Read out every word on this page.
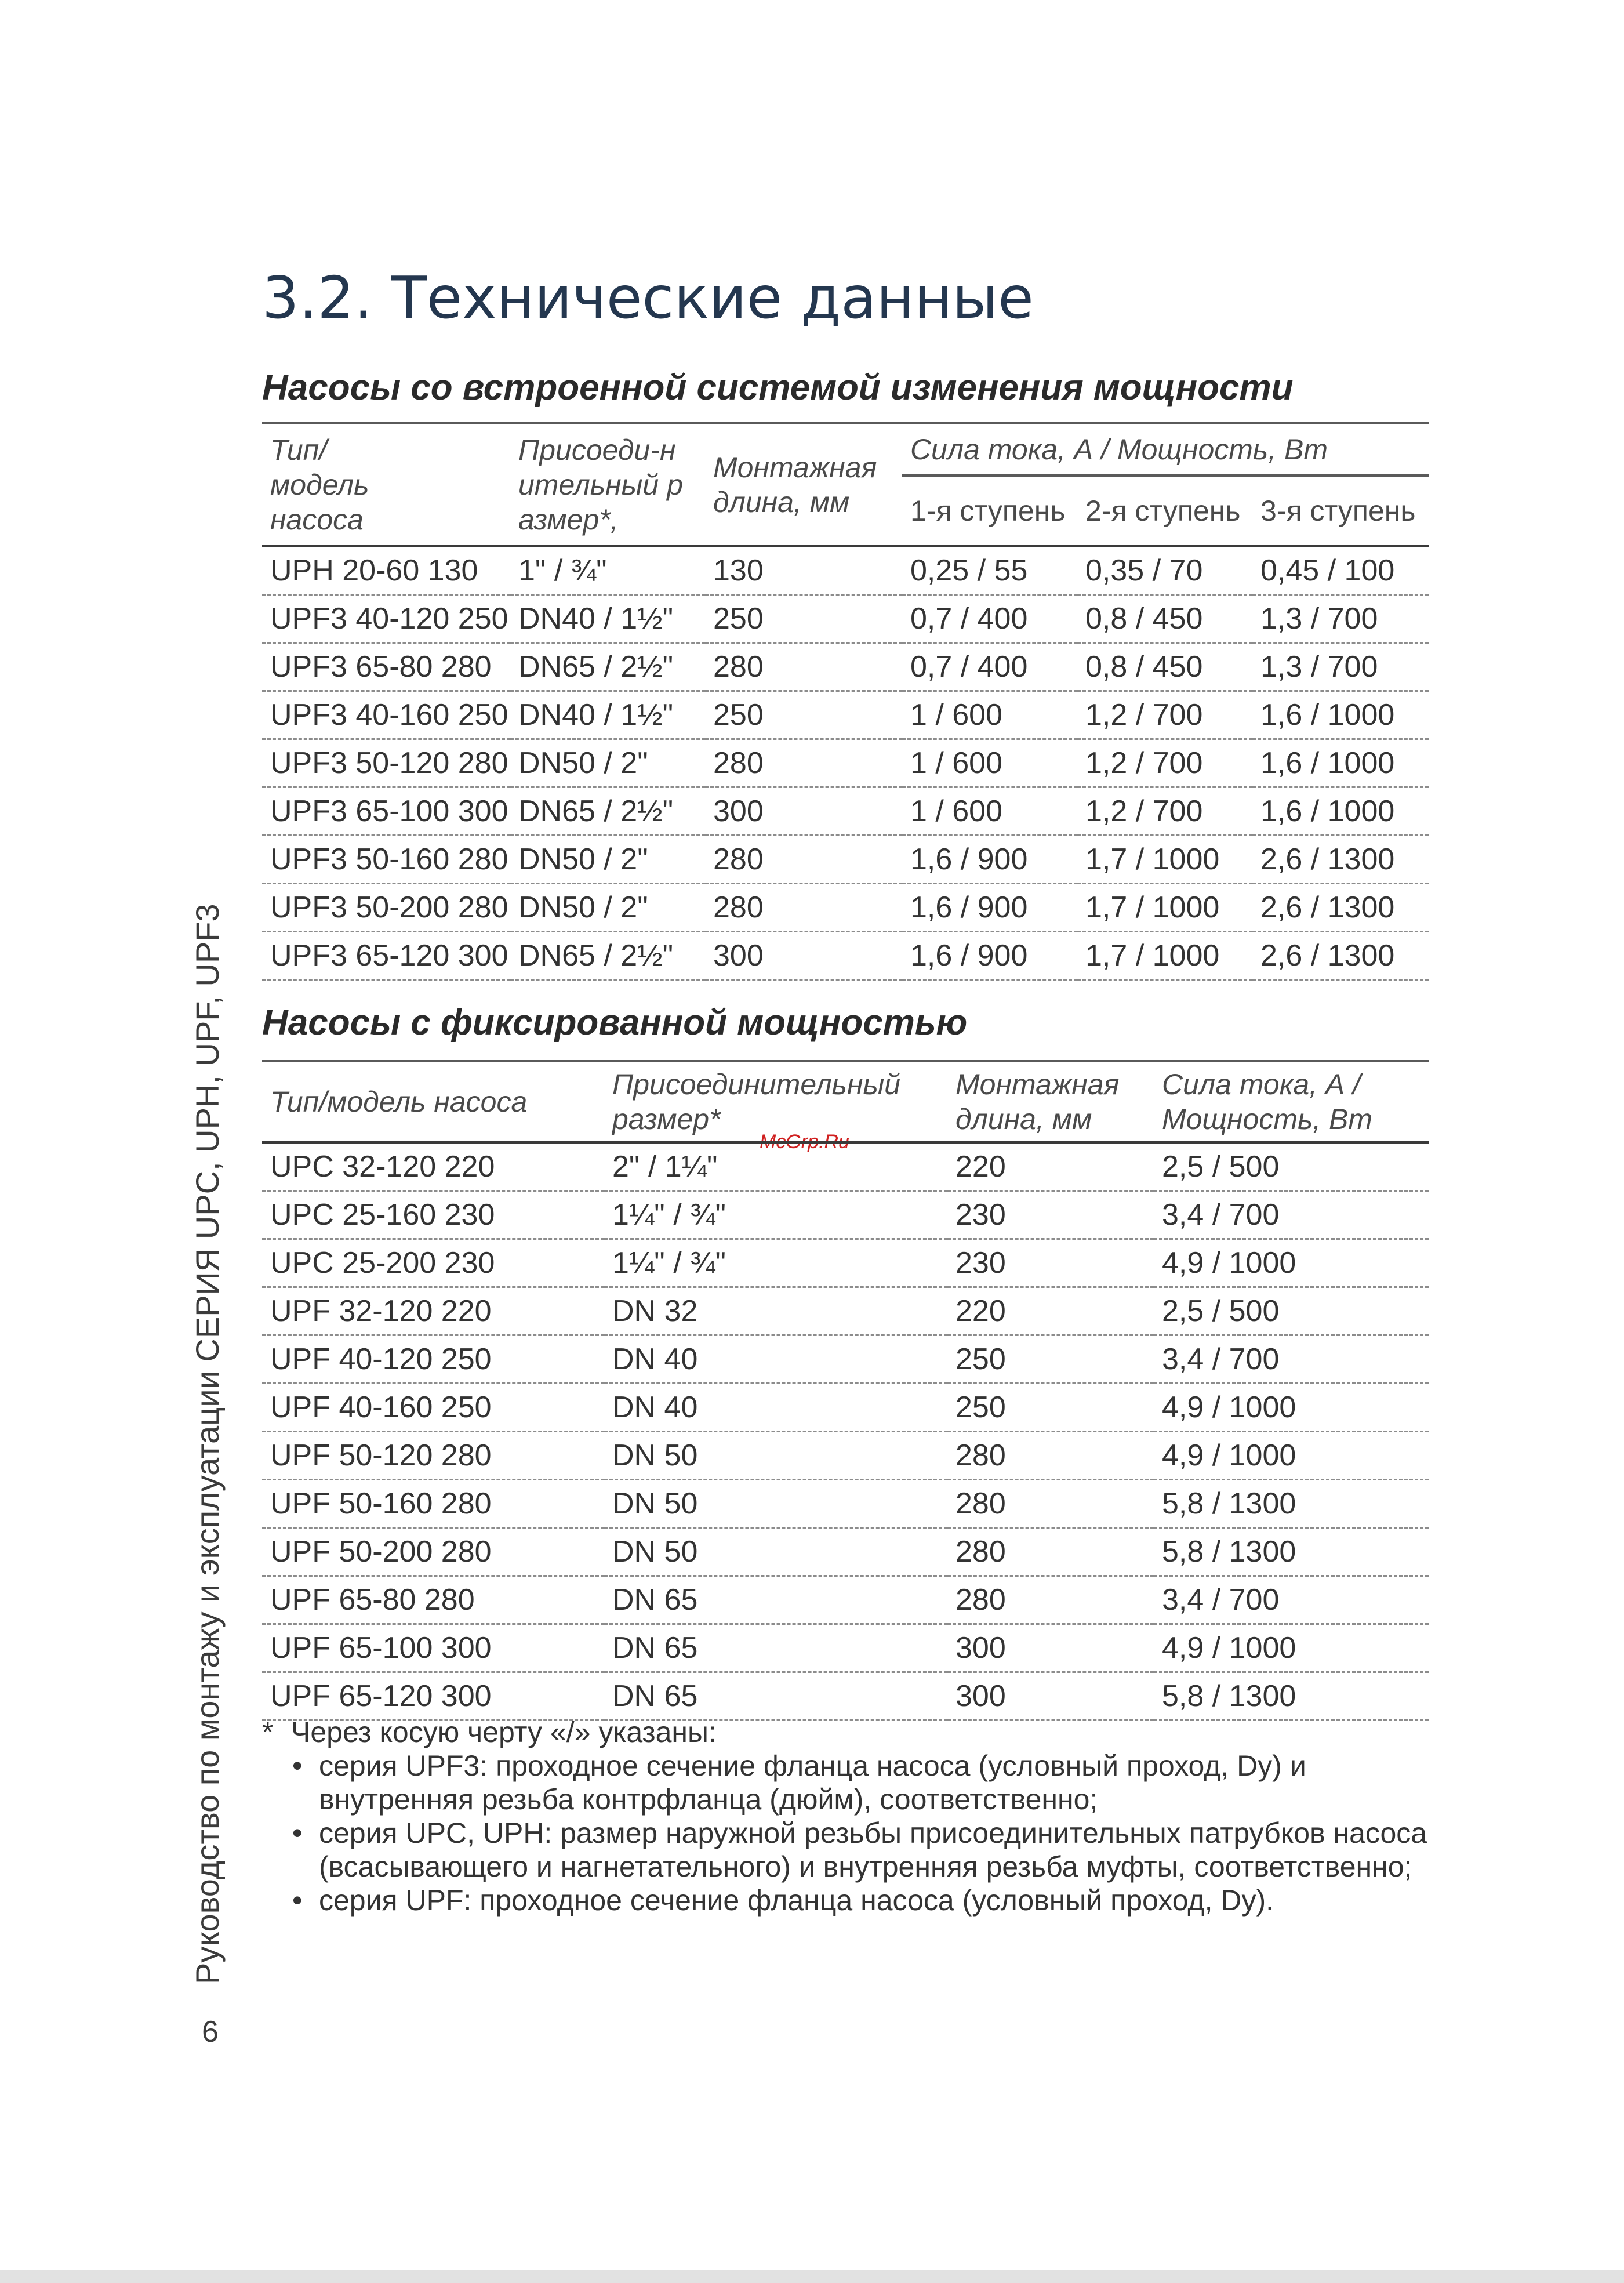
3.2. Технические данные
Насосы со встроенной системой изменения мощности
Тип/модель насоса	Присоеди-нительный размер*,	Монтажная длина, мм	Сила тока, А / Мощность, Вт		
			1-я ступень	2-я ступень	3-я ступень
UPH 20-60 130	1" / ¾"	130	0,25 / 55	0,35 / 70	0,45 / 100
UPF3 40-120 250	DN40 / 1½"	250	0,7 / 400	0,8 / 450	1,3 / 700
UPF3 65-80 280	DN65 / 2½"	280	0,7 / 400	0,8 / 450	1,3 / 700
UPF3 40-160 250	DN40 / 1½"	250	1 / 600	1,2 / 700	1,6 / 1000
UPF3 50-120 280	DN50 / 2"	280	1 / 600	1,2 / 700	1,6 / 1000
UPF3 65-100 300	DN65 / 2½"	300	1 / 600	1,2 / 700	1,6 / 1000
UPF3 50-160 280	DN50 / 2"	280	1,6 / 900	1,7 / 1000	2,6 / 1300
UPF3 50-200 280	DN50 / 2"	280	1,6 / 900	1,7 / 1000	2,6 / 1300
UPF3 65-120 300	DN65 / 2½"	300	1,6 / 900	1,7 / 1000	2,6 / 1300
Насосы с фиксированной мощностью
McGrp.Ru
Тип/модель насоса	Присоединительный размер*	Монтажная длина, мм	Сила тока, А / Мощность, Вт

UPC 32-120 220	2" / 1¼"	220	2,5 / 500
UPC 25-160 230	1¼" / ¾"	230	3,4 / 700
UPC 25-200 230	1¼" / ¾"	230	4,9 / 1000
UPF 32-120 220	DN 32	220	2,5 / 500
UPF 40-120 250	DN 40	250	3,4 / 700
UPF 40-160 250	DN 40	250	4,9 / 1000
UPF 50-120 280	DN 50	280	4,9 / 1000
UPF 50-160 280	DN 50	280	5,8 / 1300
UPF 50-200 280	DN 50	280	5,8 / 1300
UPF 65-80 280	DN 65	280	3,4 / 700
UPF 65-100 300	DN 65	300	4,9 / 1000
UPF 65-120 300	DN 65	300	5,8 / 1300

* Через косую черту «/» указаны:

• серия UPF3: проходное сечение фланца насоса (условный проход, Dy) и внутренняя резьба контрфланца (дюйм), соответственно;
• серия UPC, UPH: размер наружной резьбы присоединительных патрубков насоса (всасывающего и нагнетательного) и внутренняя резьба муфты, соответственно;
• серия UPF: проходное сечение фланца насоса (условный проход, Dy).
Руководство по монтажу и эксплуатации СЕРИЯ UPC, UPH, UPF, UPF3
6
